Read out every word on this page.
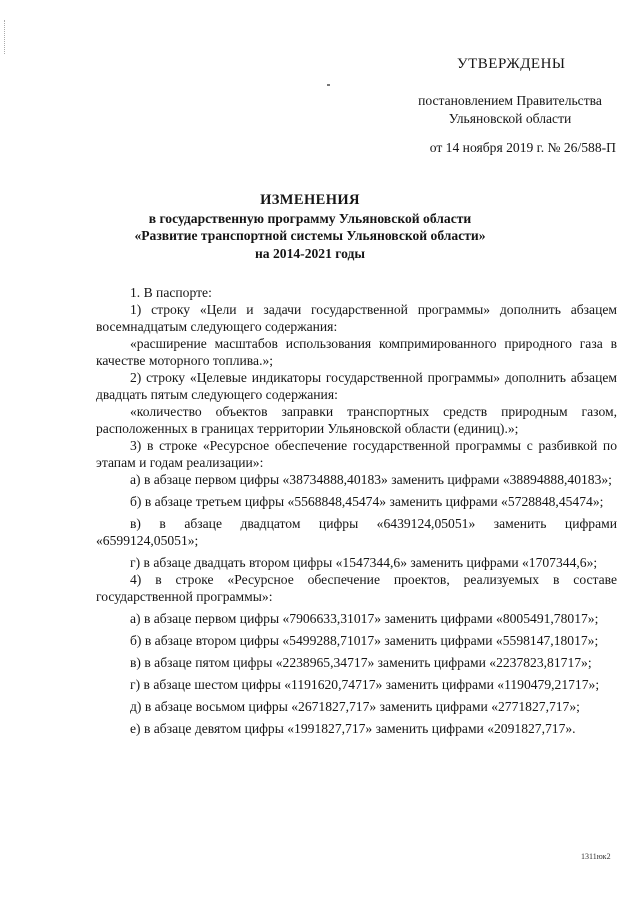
УТВЕРЖДЕНЫ
постановлением Правительства
Ульяновской области
от 14 ноября 2019 г. № 26/588-П
ИЗМЕНЕНИЯ
в государственную программу Ульяновской области
«Развитие транспортной системы Ульяновской области»
на 2014-2021 годы

1. В паспорте:

1) строку «Цели и задачи государственной программы» дополнить абзацем восемнадцатым следующего содержания:

«расширение масштабов использования компримированного природного газа в качестве моторного топлива.»;

2) строку «Целевые индикаторы государственной программы» дополнить абзацем двадцать пятым следующего содержания:

«количество объектов заправки транспортных средств природным газом, расположенных в границах территории Ульяновской области (единиц).»;

3) в строке «Ресурсное обеспечение государственной программы с разбивкой по этапам и годам реализации»:

а) в абзаце первом цифры «38734888,40183» заменить цифрами «38894888,40183»;

б) в абзаце третьем цифры «5568848,45474» заменить цифрами «5728848,45474»;

в) в абзаце двадцатом цифры «6439124,05051» заменить цифрами «6599124,05051»;

г) в абзаце двадцать втором цифры «1547344,6» заменить цифрами «1707344,6»;

4) в строке «Ресурсное обеспечение проектов, реализуемых в составе государственной программы»:

а) в абзаце первом цифры «7906633,31017» заменить цифрами «8005491,78017»;

б) в абзаце втором цифры «5499288,71017» заменить цифрами «5598147,18017»;

в) в абзаце пятом цифры «2238965,34717» заменить цифрами «2237823,81717»;

г) в абзаце шестом цифры «1191620,74717» заменить цифрами «1190479,21717»;

д) в абзаце восьмом цифры «2671827,717» заменить цифрами «2771827,717»;

е) в абзаце девятом цифры «1991827,717» заменить цифрами «2091827,717».

1311юк2
